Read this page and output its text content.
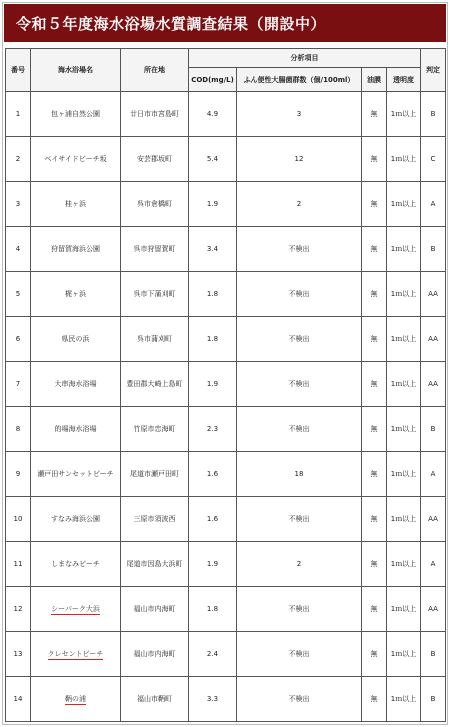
令和５年度海水浴場水質調査結果（開設中）
番号	海水浴場名	所在地	分析項目				判定
			COD(mg/L)	ふん便性大腸菌群数（個/100ml）	油膜	透明度	
1	包ヶ浦自然公園	廿日市市宮島町	4.9	3	無	1ｍ以上	B
2	ベイサイドビーチ坂	安芸郡坂町	5.4	12	無	1ｍ以上	C
3	桂ヶ浜	呉市倉橋町	1.9	2	無	1ｍ以上	A
4	狩留賀海浜公園	呉市狩留賀町	3.4	不検出	無	1ｍ以上	B
5	梶ヶ浜	呉市下蒲刈町	1.8	不検出	無	1ｍ以上	AA
6	県民の浜	呉市蒲刈町	1.8	不検出	無	1ｍ以上	AA
7	大串海水浴場	豊田郡大崎上島町	1.9	不検出	無	1ｍ以上	AA
8	的場海水浴場	竹原市忠海町	2.3	不検出	無	1ｍ以上	B
9	瀬戸田サンセットビーチ	尾道市瀬戸田町	1.6	18	無	1ｍ以上	A
10	すなみ海浜公園	三原市須波西	1.6	不検出	無	1ｍ以上	AA
11	しまなみビーチ	尾道市因島大浜町	1.9	2	無	1ｍ以上	A
12	シーパーク大浜	福山市内海町	1.8	不検出	無	1ｍ以上	AA
13	クレセントビーチ	福山市内海町	2.4	不検出	無	1ｍ以上	B
14	鞆の浦	福山市鞆町	3.3	不検出	無	1ｍ以上	B
